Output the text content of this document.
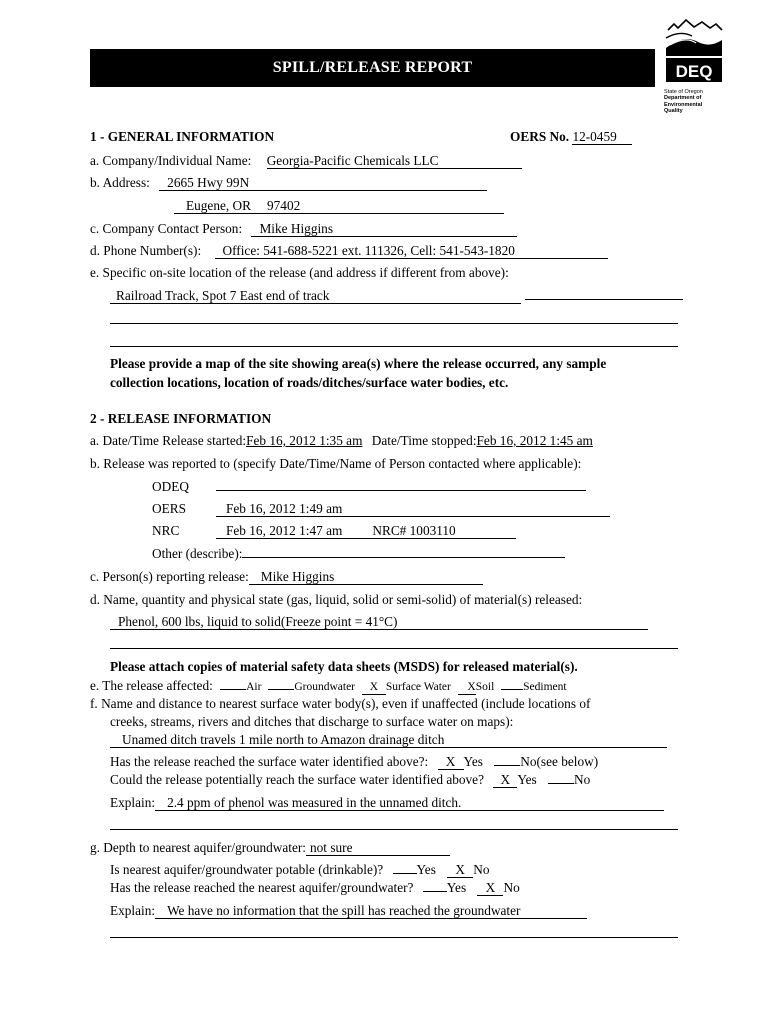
SPILL/RELEASE REPORT	DEQ
State of Oregon
Department of
Environmental
Quality
1 - GENERAL INFORMATION	OERS No. 12-0459
a. Company/Individual Name: Georgia-Pacific Chemicals LLC
b. Address: 2665 Hwy 99N
Eugene, OR 97402
c. Company Contact Person: Mike Higgins
d. Phone Number(s): Office: 541-688-5221 ext. 111326, Cell: 541-543-1820
e. Specific on-site location of the release (and address if different from above):
Railroad Track, Spot 7 East end of track
Please provide a map of the site showing area(s) where the release occurred, any sample
collection locations, location of roads/ditches/surface water bodies, etc.
2 - RELEASE INFORMATION
a. Date/Time Release started:Feb 16, 2012 1:35 am Date/Time stopped:Feb 16, 2012 1:45 am
b. Release was reported to (specify Date/Time/Name of Person contacted where applicable):
ODEQ
OERS	Feb 16, 2012 1:49 am
NRC	Feb 16, 2012 1:47 am NRC# 1003110
Other (describe):
c. Person(s) reporting release: Mike Higgins
d. Name, quantity and physical state (gas, liquid, solid or semi-solid) of material(s) released:
Phenol, 600 lbs, liquid to solid(Freeze point = 41°C)
Please attach copies of material safety data sheets (MSDS) for released material(s).
e. The release affected:	Air	Groundwater X Surface Water XSoil	Sediment
f. Name and distance to nearest surface water body(s), even if unaffected (include locations of
creeks, streams, rivers and ditches that discharge to surface water on maps):
Unamed ditch travels 1 mile north to Amazon drainage ditch
Has the release reached the surface water identified above?: X Yes	No(see below)
Could the release potentially reach the surface water identified above? X Yes	No
Explain: 2.4 ppm of phenol was measured in the unnamed ditch.
g. Depth to nearest aquifer/groundwater: not sure
Is nearest aquifer/groundwater potable (drinkable)?	Yes X No
Has the release reached the nearest aquifer/groundwater?	Yes X No
Explain: We have no information that the spill has reached the groundwater
